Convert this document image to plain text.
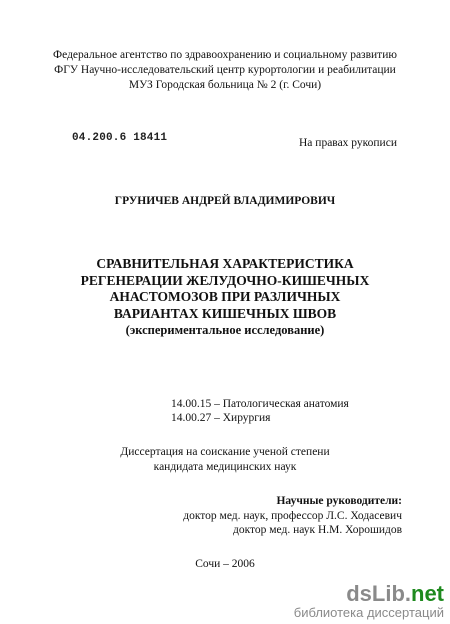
Федеральное агентство по здравоохранению и социальному развитию
ФГУ Научно-исследовательский центр курортологии и реабилитации
МУЗ Городская больница № 2 (г. Сочи)
04.200.6 18411	На правах рукописи
ГРУНИЧЕВ АНДРЕЙ ВЛАДИМИРОВИЧ
СРАВНИТЕЛЬНАЯ ХАРАКТЕРИСТИКА
РЕГЕНЕРАЦИИ ЖЕЛУДОЧНО-КИШЕЧНЫХ
АНАСТОМОЗОВ ПРИ РАЗЛИЧНЫХ
ВАРИАНТАХ КИШЕЧНЫХ ШВОВ
(экспериментальное исследование)
14.00.15 – Патологическая анатомия
14.00.27 – Хирургия
Диссертация на соискание ученой степени
кандидата медицинских наук
Научные руководители:
доктор мед. наук, профессор Л.С. Ходасевич
доктор мед. наук Н.М. Хорошидов
Сочи – 2006
dsLib.net
библиотека диссертаций
